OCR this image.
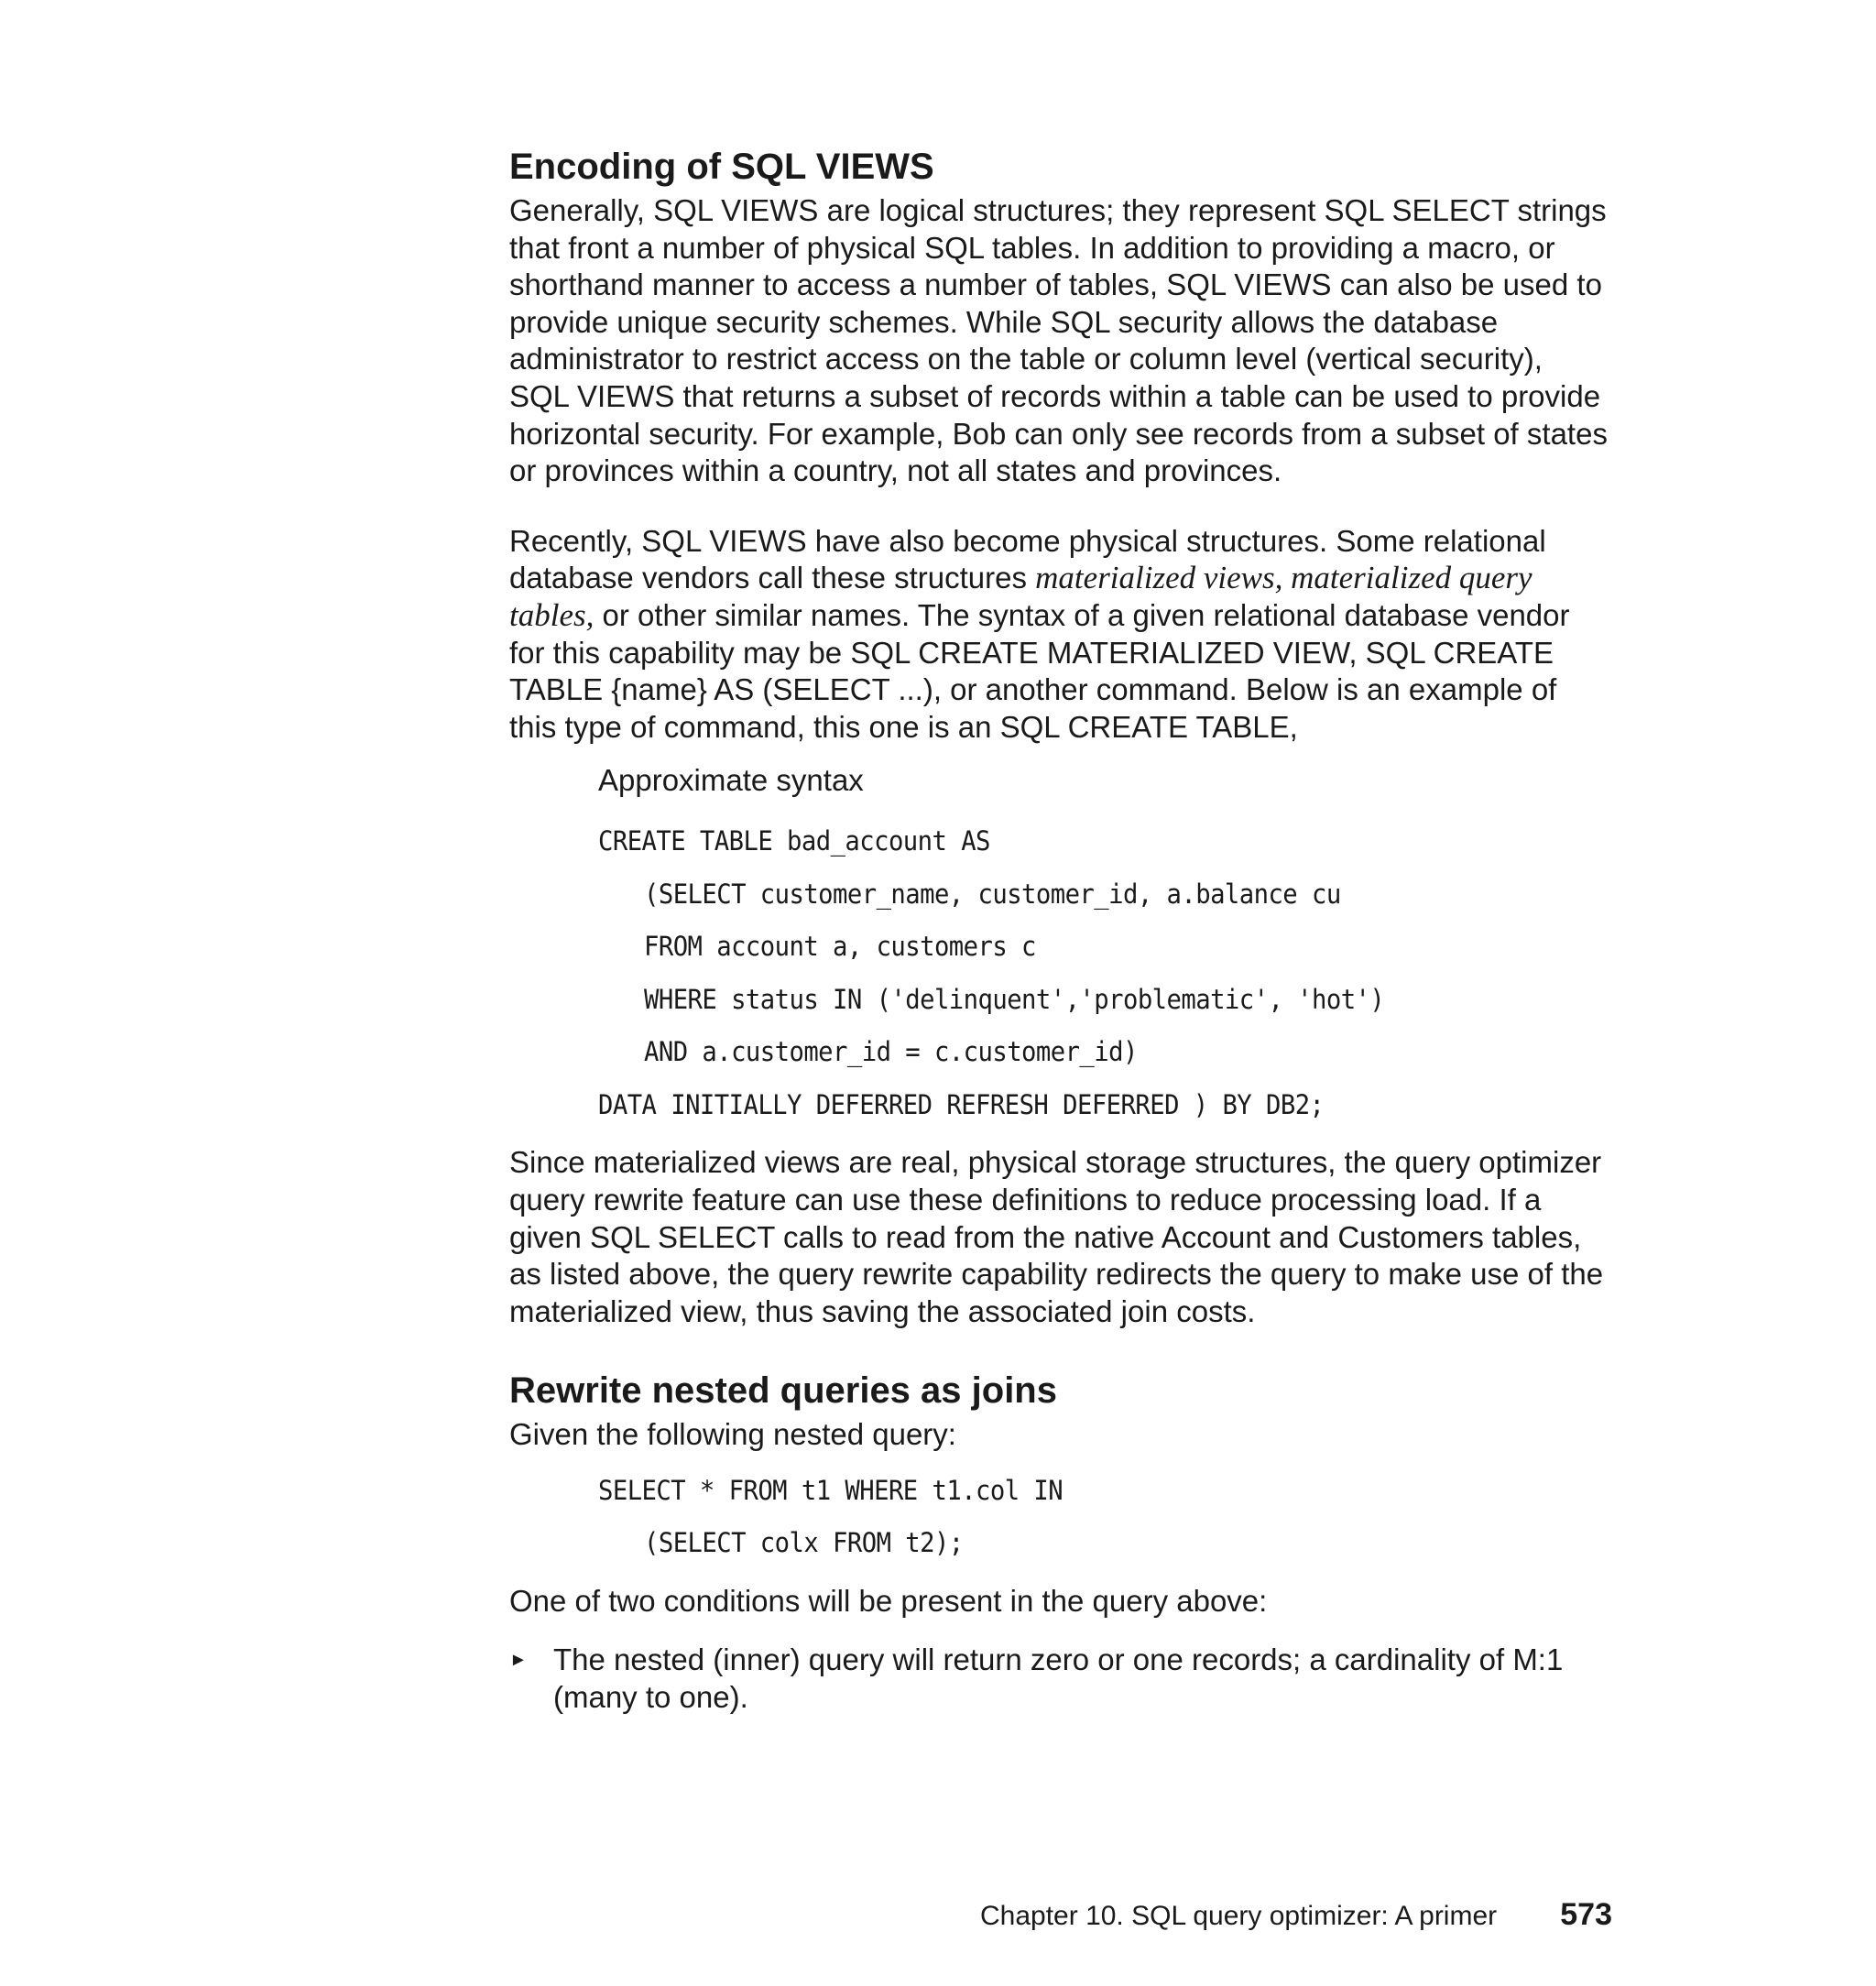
Encoding of SQL VIEWS

Generally, SQL VIEWS are logical structures; they represent SQL SELECT strings that front a number of physical SQL tables. In addition to providing a macro, or shorthand manner to access a number of tables, SQL VIEWS can also be used to provide unique security schemes. While SQL security allows the database administrator to restrict access on the table or column level (vertical security), SQL VIEWS that returns a subset of records within a table can be used to provide horizontal security. For example, Bob can only see records from a subset of states or provinces within a country, not all states and provinces.

Recently, SQL VIEWS have also become physical structures. Some relational database vendors call these structures materialized views, materialized query tables, or other similar names. The syntax of a given relational database vendor for this capability may be SQL CREATE MATERIALIZED VIEW, SQL CREATE TABLE {name} AS (SELECT ...), or another command. Below is an example of this type of command, this one is an SQL CREATE TABLE,

Approximate syntax
CREATE TABLE bad_account AS
(SELECT customer_name, customer_id, a.balance cu
FROM account a, customers c
WHERE status IN ('delinquent','problematic', 'hot')
AND a.customer_id = c.customer_id)
DATA INITIALLY DEFERRED REFRESH DEFERRED ) BY DB2;

Since materialized views are real, physical storage structures, the query optimizer query rewrite feature can use these definitions to reduce processing load. If a given SQL SELECT calls to read from the native Account and Customers tables, as listed above, the query rewrite capability redirects the query to make use of the materialized view, thus saving the associated join costs.

Rewrite nested queries as joins

Given the following nested query:

SELECT * FROM t1 WHERE t1.col IN
(SELECT colx FROM t2);

One of two conditions will be present in the query above:

► The nested (inner) query will return zero or one records; a cardinality of M:1 (many to one).
Chapter 10. SQL query optimizer: A primer 573
